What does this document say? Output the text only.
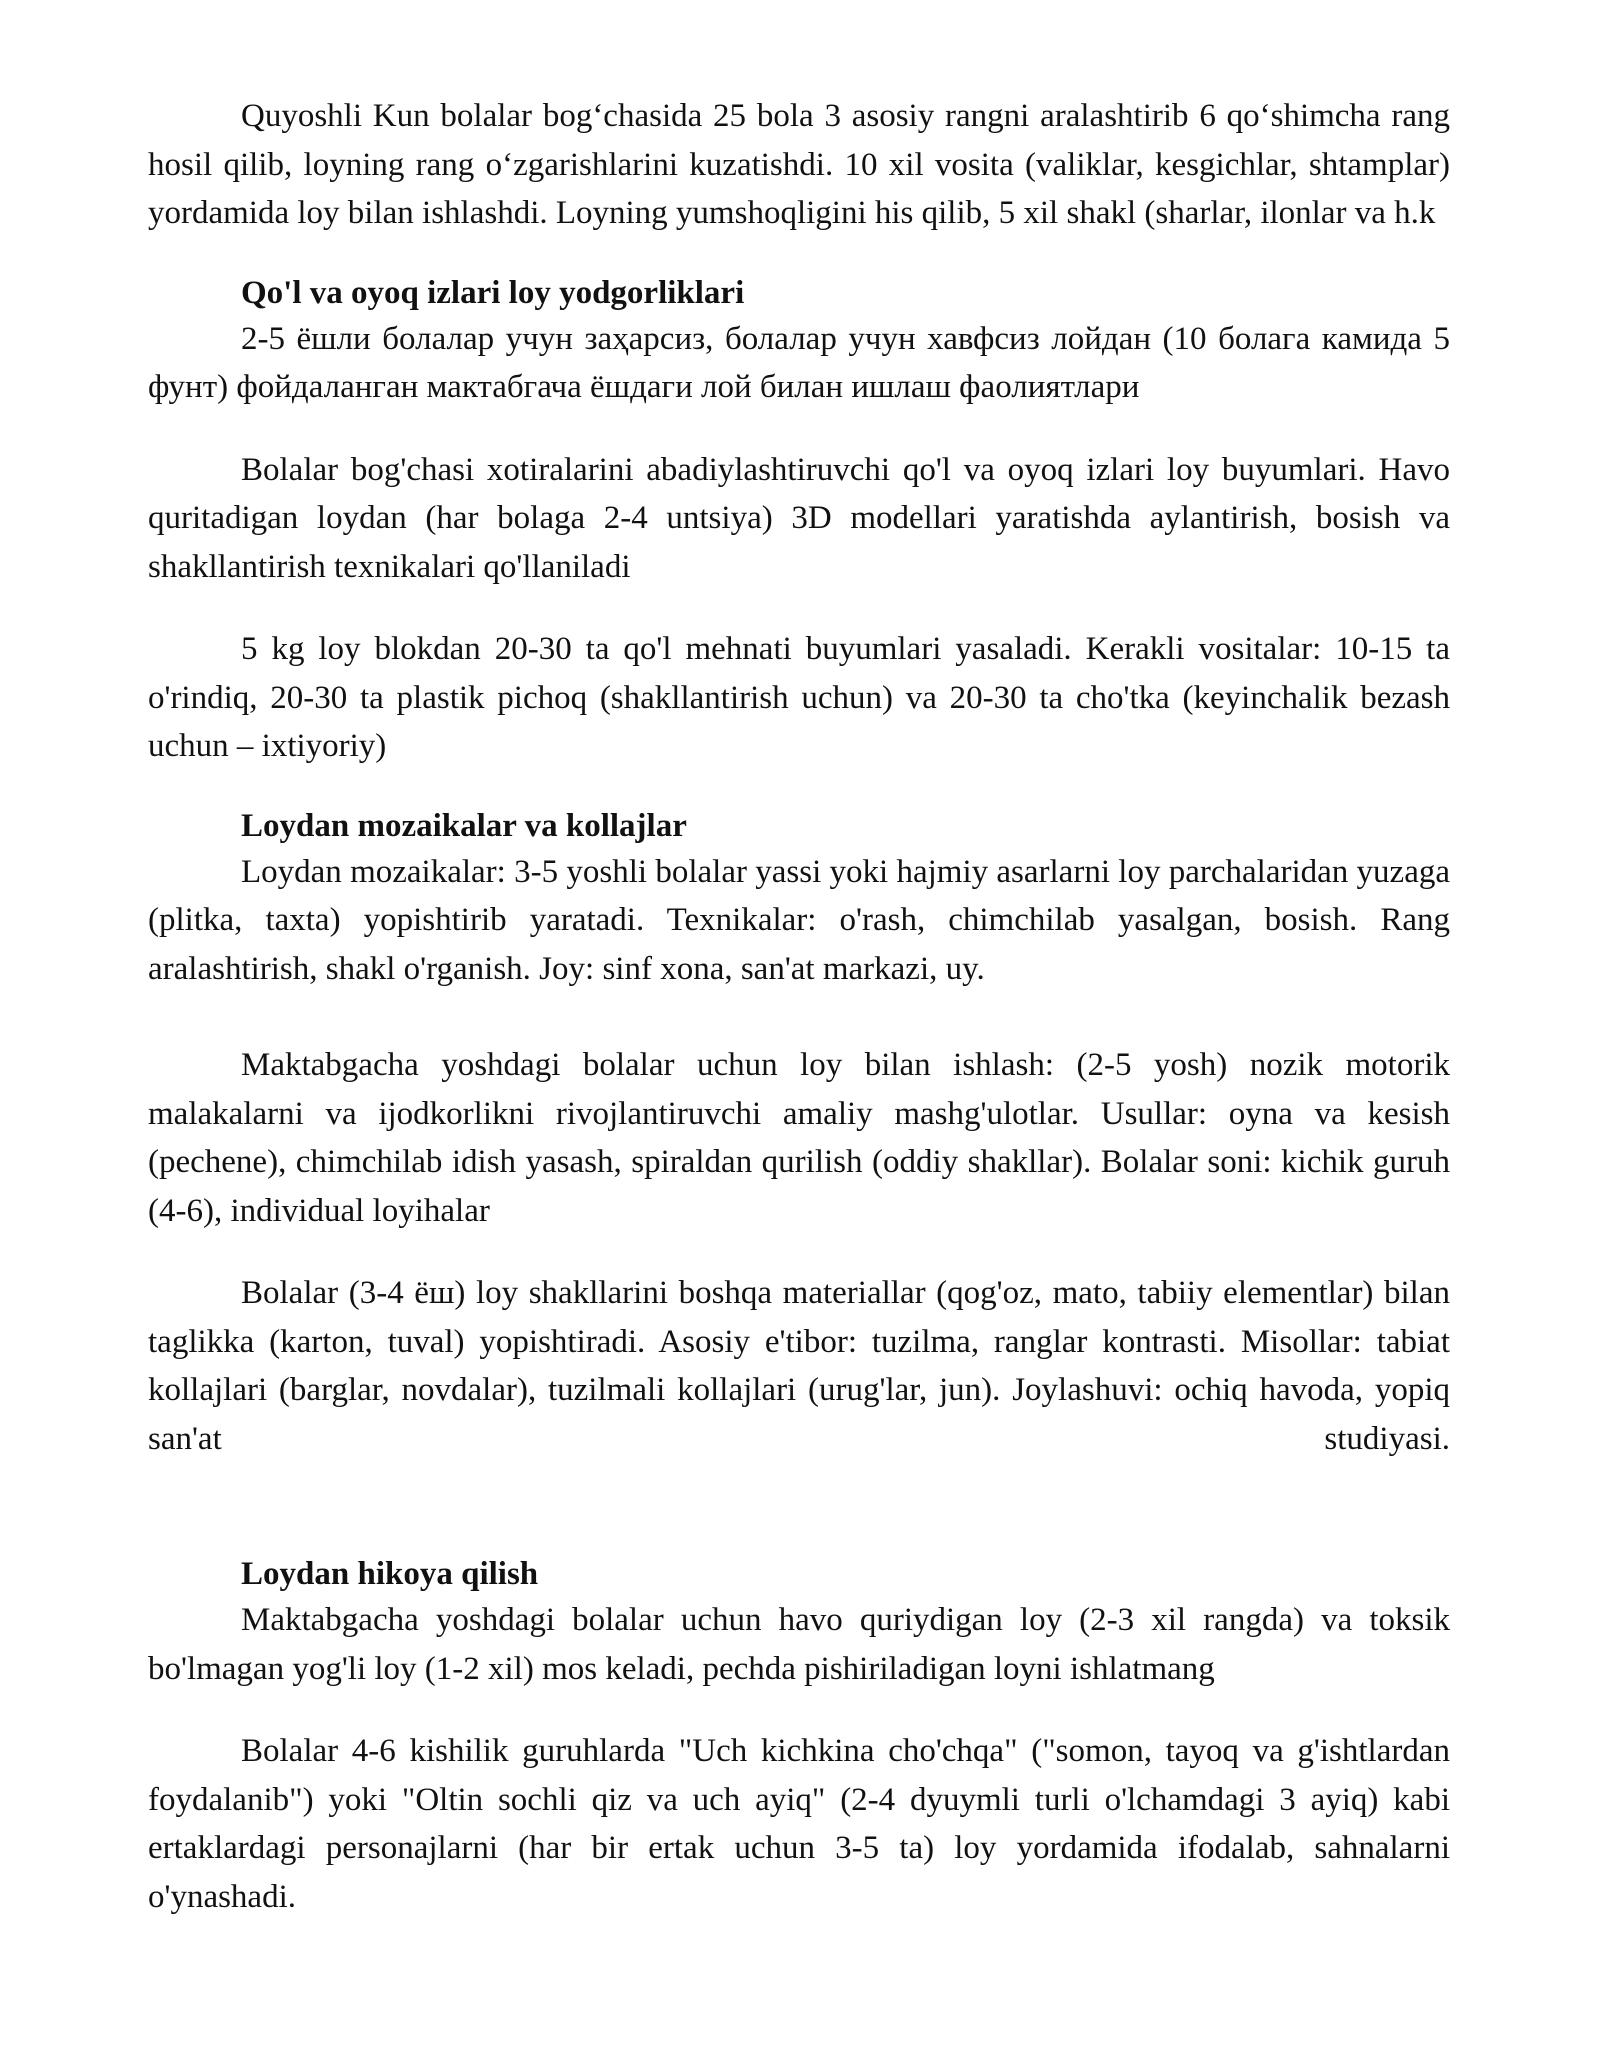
Quyoshli Kun bolalar bog‘chasida 25 bola 3 asosiy rangni aralashtirib 6 qo‘shimcha rang hosil qilib, loyning rang o‘zgarishlarini kuzatishdi. 10 xil vosita (valiklar, kesgichlar, shtamplar) yordamida loy bilan ishlashdi. Loyning yumshoqligini his qilib, 5 xil shakl (sharlar, ilonlar va h.k

Qo'l va oyoq izlari loy yodgorliklari

2-5 ёшли болалар учун заҳарсиз, болалар учун хавфсиз лойдан (10 болага камида 5 фунт) фойдаланган мактабгача ёшдаги лой билан ишлаш фаолиятлари

Bolalar bog'chasi xotiralarini abadiylashtiruvchi qo'l va oyoq izlari loy buyumlari. Havo quritadigan loydan (har bolaga 2-4 untsiya) 3D modellari yaratishda aylantirish, bosish va shakllantirish texnikalari qo'llaniladi

5 kg loy blokdan 20-30 ta qo'l mehnati buyumlari yasaladi. Kerakli vositalar: 10-15 ta o'rindiq, 20-30 ta plastik pichoq (shakllantirish uchun) va 20-30 ta cho'tka (keyinchalik bezash uchun – ixtiyoriy)

Loydan mozaikalar va kollajlar

Loydan mozaikalar: 3-5 yoshli bolalar yassi yoki hajmiy asarlarni loy parchalaridan yuzaga (plitka, taxta) yopishtirib yaratadi. Texnikalar: o'rash, chimchilab yasalgan, bosish. Rang aralashtirish, shakl o'rganish. Joy: sinf xona, san'at markazi, uy.

Maktabgacha yoshdagi bolalar uchun loy bilan ishlash: (2-5 yosh) nozik motorik malakalarni va ijodkorlikni rivojlantiruvchi amaliy mashg'ulotlar. Usullar: oyna va kesish (pechene), chimchilab idish yasash, spiraldan qurilish (oddiy shakllar). Bolalar soni: kichik guruh (4-6), individual loyihalar

Bolalar (3-4 ёш) loy shakllarini boshqa materiallar (qog'oz, mato, tabiiy elementlar) bilan taglikka (karton, tuval) yopishtiradi. Asosiy e'tibor: tuzilma, ranglar kontrasti. Misollar: tabiat kollajlari (barglar, novdalar), tuzilmali kollajlari (urug'lar, jun). Joylashuvi: ochiq havoda, yopiq san'at studiyasi.

Loydan hikoya qilish

Maktabgacha yoshdagi bolalar uchun havo quriydigan loy (2-3 xil rangda) va toksik bo'lmagan yog'li loy (1-2 xil) mos keladi, pechda pishiriladigan loyni ishlatmang

Bolalar 4-6 kishilik guruhlarda "Uch kichkina cho'chqa" ("somon, tayoq va g'ishtlardan foydalanib") yoki "Oltin sochli qiz va uch ayiq" (2-4 dyuymli turli o'lchamdagi 3 ayiq) kabi ertaklardagi personajlarni (har bir ertak uchun 3-5 ta) loy yordamida ifodalab, sahnalarni o'ynashadi.
